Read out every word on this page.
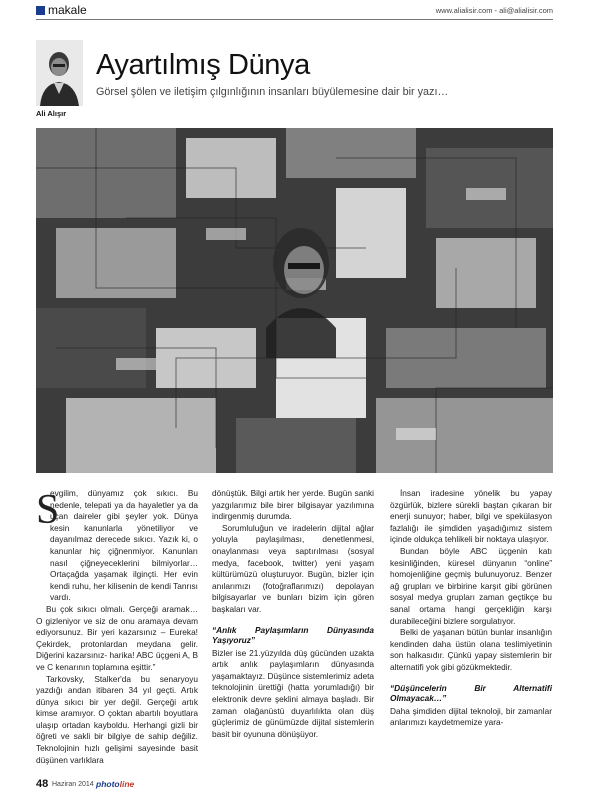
makale	www.alialisir.com - ali@alialisir.com
Ali Alışır
Ayartılmış Dünya
Görsel şölen ve iletişim çılgınlığının insanları büyülemesine dair bir yazı…
S

evgilim, dünyamız çok sıkıcı. Bu nedenle, telepati ya da hayaletler ya da uçan daireler gibi şeyler yok. Dünya kesin kanunlarla yönetiliyor ve dayanılmaz derecede sıkıcı. Yazık ki, o kanunlar hiç çiğnenmiyor. Kanunları nasıl çiğneyeceklerini bilmiyorlar… Ortaçağda yaşamak ilginçti. Her evin kendi ruhu, her kilisenin de kendi Tanrısı vardı.

Bu çok sıkıcı olmalı. Gerçeği aramak… O gizleniyor ve siz de onu aramaya devam ediyorsunuz. Bir yeri kazarsınız – Eureka! Çekirdek, protonlardan meydana gelir. Diğerini kazarsınız- harika! ABC üçgeni A, B ve C kenarının toplamına eşittir.”

Tarkovsky, Stalker'da bu senaryoyu yazdığı andan itibaren 34 yıl geçti. Artık dünya sıkıcı bir yer değil. Gerçeği artık kimse aramıyor. O çoktan abartılı boyutlara ulaşıp ortadan kayboldu. Herhangi gizli bir öğreti ve sakli bir bilgiye de sahip değiliz. Teknolojinin hızlı gelişimi sayesinde basit düşünen varlıklara

dönüştük. Bilgi artık her yerde. Bugün sanki yazgılarımız bile birer bilgisayar yazılımına indirgenmiş durumda.

Sorumluluğun ve iradelerin dijital ağlar yoluyla paylaşılması, denetlenmesi, onaylanması veya saptırılması (sosyal medya, facebook, twitter) yeni yaşam kültürümüzü oluşturuyor. Bugün, bizler için anılarımızı (fotoğraflarımızı) depolayan bilgisayarlar ve bunları bizim için gören başkaları var.

“Anlık Paylaşımların Dünyasında Yaşıyoruz”

Bizler ise 21.yüzyılda düş gücünden uzakta artık anlık paylaşımların dünyasında yaşamaktayız. Düşünce sistemlerimiz adeta teknolojinin ürettiği (hatta yorumladığı) bir elektronik devre şeklini almaya başladı. Bir zaman olağanüstü duyarlılıkta olan düş güçlerimiz de günümüzde dijital sistemlerin basit bir oyununa dönüşüyor.

İnsan iradesine yönelik bu yapay özgürlük, bizlere sürekli baştan çıkaran bir enerji sunuyor; haber, bilgi ve spekülasyon fazlalığı ile şimdiden yaşadığımız sistem içinde oldukça tehlikeli bir noktaya ulaşıyor.

Bundan böyle ABC üçgenin katı kesinliğinden, küresel dünyanın “online” homojenliğine geçmiş bulunuyoruz. Benzer ağ grupları ve birbirine karşıt gibi görünen sosyal medya grupları zaman geçtikçe bu sanal ortama hangi gerçekliğin karşı durabileceğini bizlere sorgulatıyor.

Belki de yaşanan bütün bunlar insanlığın kendinden daha üstün olana teslimiyetinin son halkasıdır. Çünkü yapay sistemlerin bir alternatifi yok gibi gözükmektedir.

“Düşüncelerin Bir Alternatifi Olmayacak…”

Daha şimdiden dijital teknoloji, bir zamanlar anlarımızı kaydetmemize yara-

48 Haziran 2014 photoline
